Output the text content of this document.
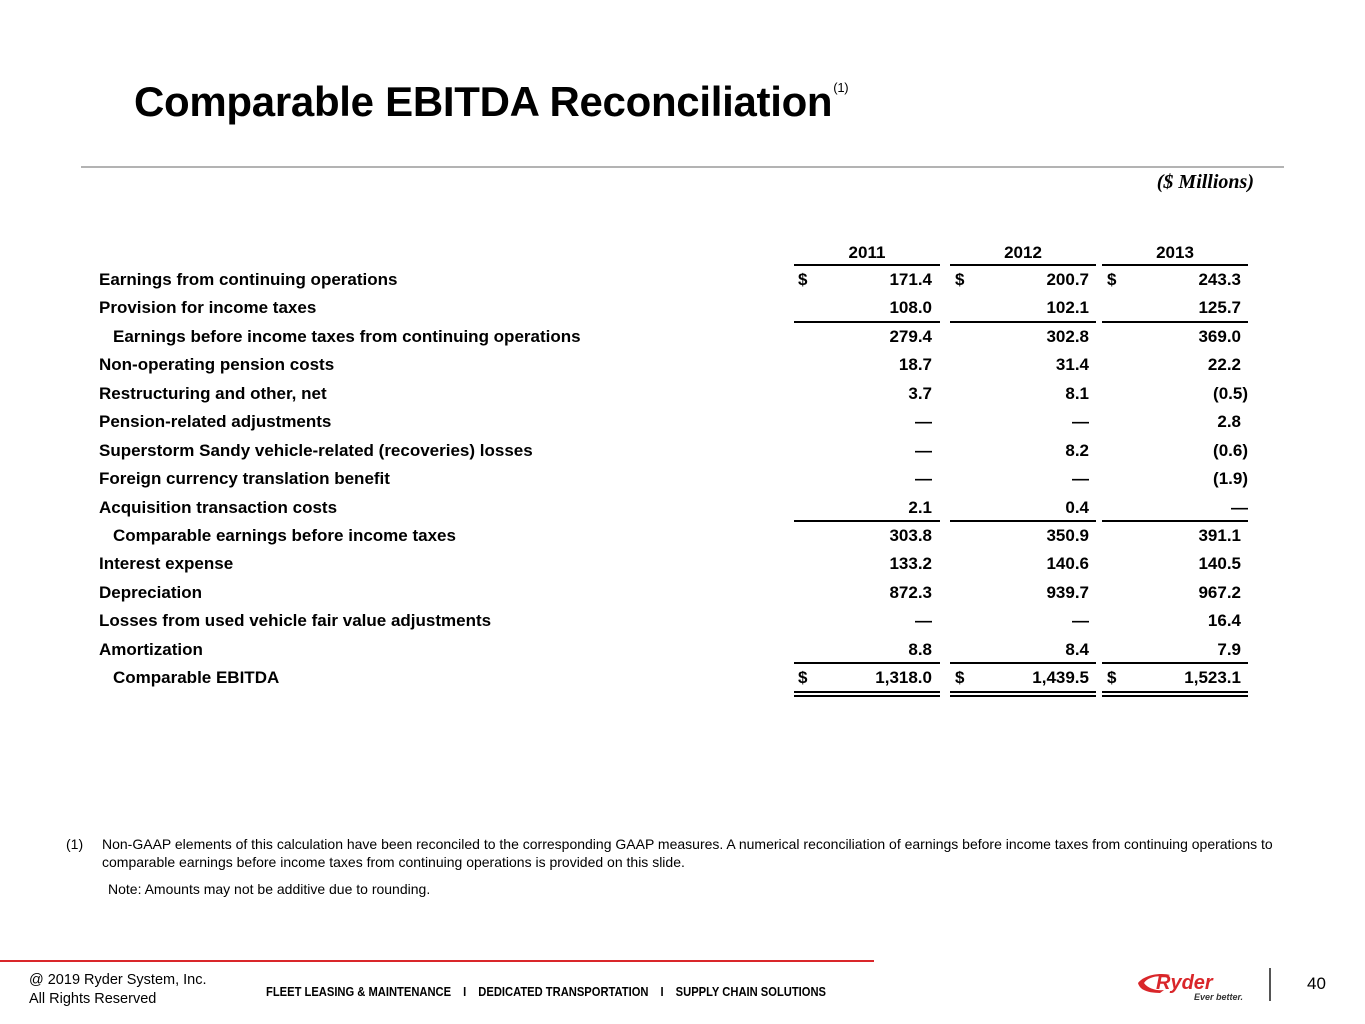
Comparable EBITDA Reconciliation$^{(1)}$
($ Millions)
2011	2012	2013
Earnings from continuing operations	$	171.4 $	200.7 $	243.3
Provision for income taxes	108.0	102.1	125.7
Earnings before income taxes from continuing operations	279.4	302.8	369.0
Non-operating pension costs	18.7	31.4	22.2
Restructuring and other, net	3.7	8.1	(0.5)
Pension-related adjustments	—	—	2.8
Superstorm Sandy vehicle-related (recoveries) losses	—	8.2	(0.6)
Foreign currency translation benefit	—	—	(1.9)
Acquisition transaction costs	2.1	0.4	—
Comparable earnings before income taxes	303.8	350.9	391.1
Interest expense	133.2	140.6	140.5
Depreciation	872.3	939.7	967.2
Losses from used vehicle fair value adjustments	—	—	16.4
Amortization	8.8	8.4	7.9
Comparable EBITDA	$	1,318.0 $	1,439.5 $	1,523.1
(1) Non-GAAP elements of this calculation have been reconciled to the corresponding GAAP measures. A numerical reconciliation of earnings before income taxes from continuing operations to comparable earnings before income taxes from continuing operations is provided on this slide.
Note: Amounts may not be additive due to rounding.
@ 2019 Ryder System, Inc.
All Rights Reserved	FLEET LEASING & MAINTENANCE I DEDICATED TRANSPORTATION I SUPPLY CHAIN SOLUTIONS	Ryder
Ever better.
40
